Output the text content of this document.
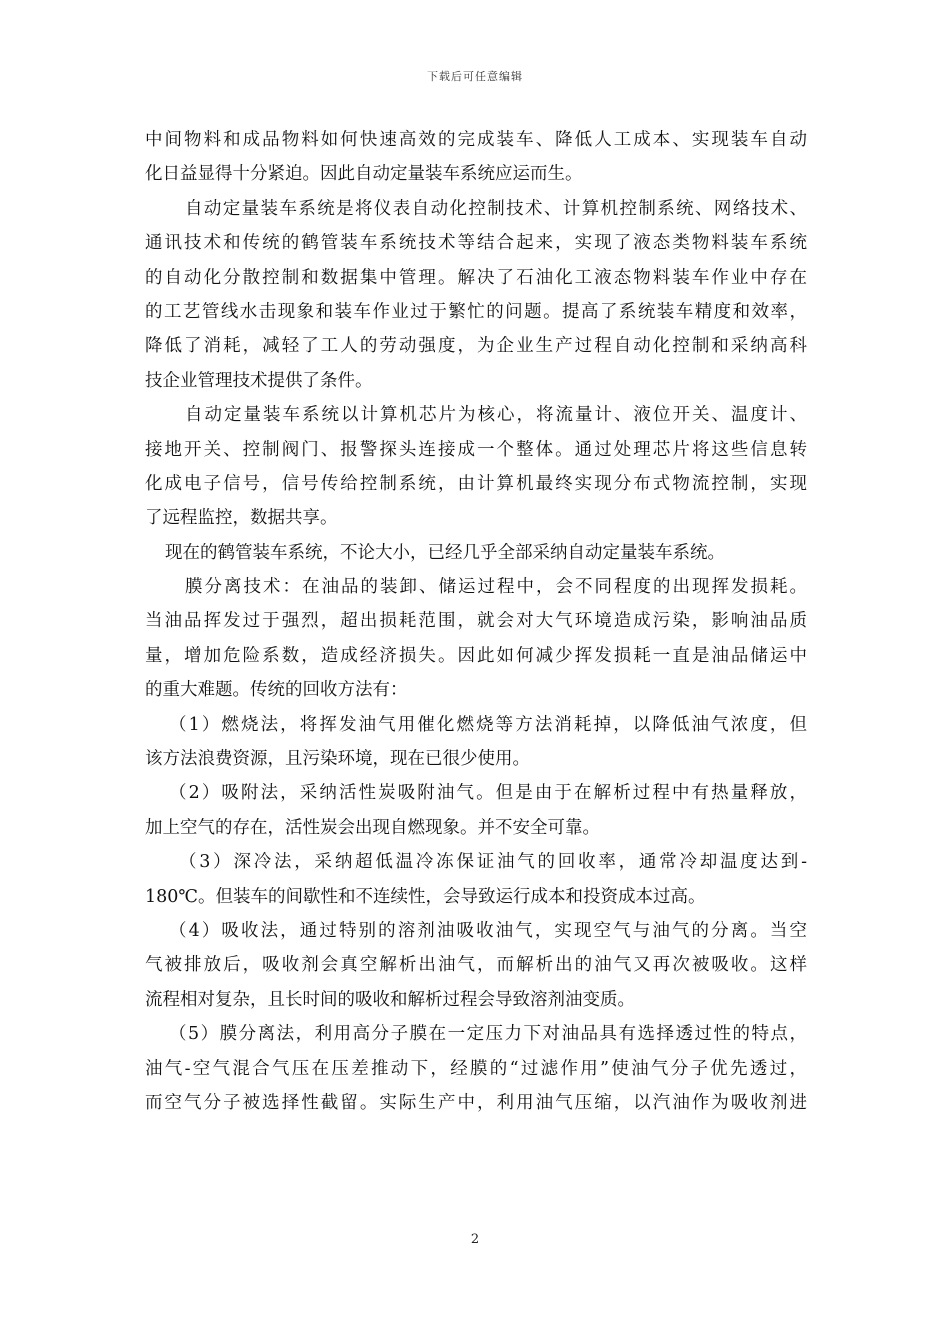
下载后可任意编辑
中间物料和成品物料如何快速高效的完成装车、降低人工成本、实现装车自动
化日益显得十分紧迫。因此自动定量装车系统应运而生。
自动定量装车系统是将仪表自动化控制技术、计算机控制系统、网络技术、
通讯技术和传统的鹤管装车系统技术等结合起来，实现了液态类物料装车系统
的自动化分散控制和数据集中管理。解决了石油化工液态物料装车作业中存在
的工艺管线水击现象和装车作业过于繁忙的问题。提高了系统装车精度和效率，
降低了消耗，减轻了工人的劳动强度，为企业生产过程自动化控制和采纳高科
技企业管理技术提供了条件。
自动定量装车系统以计算机芯片为核心，将流量计、液位开关、温度计、
接地开关、控制阀门、报警探头连接成一个整体。通过处理芯片将这些信息转
化成电子信号，信号传给控制系统，由计算机最终实现分布式物流控制，实现
了远程监控，数据共享。
现在的鹤管装车系统，不论大小，已经几乎全部采纳自动定量装车系统。
膜分离技术：在油品的装卸、储运过程中，会不同程度的出现挥发损耗。
当油品挥发过于强烈，超出损耗范围，就会对大气环境造成污染，影响油品质
量，增加危险系数，造成经济损失。因此如何减少挥发损耗一直是油品储运中
的重大难题。传统的回收方法有：
（1）燃烧法，将挥发油气用催化燃烧等方法消耗掉，以降低油气浓度，但
该方法浪费资源，且污染环境，现在已很少使用。
（2）吸附法，采纳活性炭吸附油气。但是由于在解析过程中有热量释放，
加上空气的存在，活性炭会出现自燃现象。并不安全可靠。
（3）深冷法，采纳超低温冷冻保证油气的回收率，通常冷却温度达到-
180℃。但装车的间歇性和不连续性，会导致运行成本和投资成本过高。
（4）吸收法，通过特别的溶剂油吸收油气，实现空气与油气的分离。当空
气被排放后，吸收剂会真空解析出油气，而解析出的油气又再次被吸收。这样
流程相对复杂，且长时间的吸收和解析过程会导致溶剂油变质。
（5）膜分离法，利用高分子膜在一定压力下对油品具有选择透过性的特点，
油气-空气混合气压在压差推动下，经膜的“过滤作用”使油气分子优先透过，
而空气分子被选择性截留。实际生产中，利用油气压缩，以汽油作为吸收剂进
2
